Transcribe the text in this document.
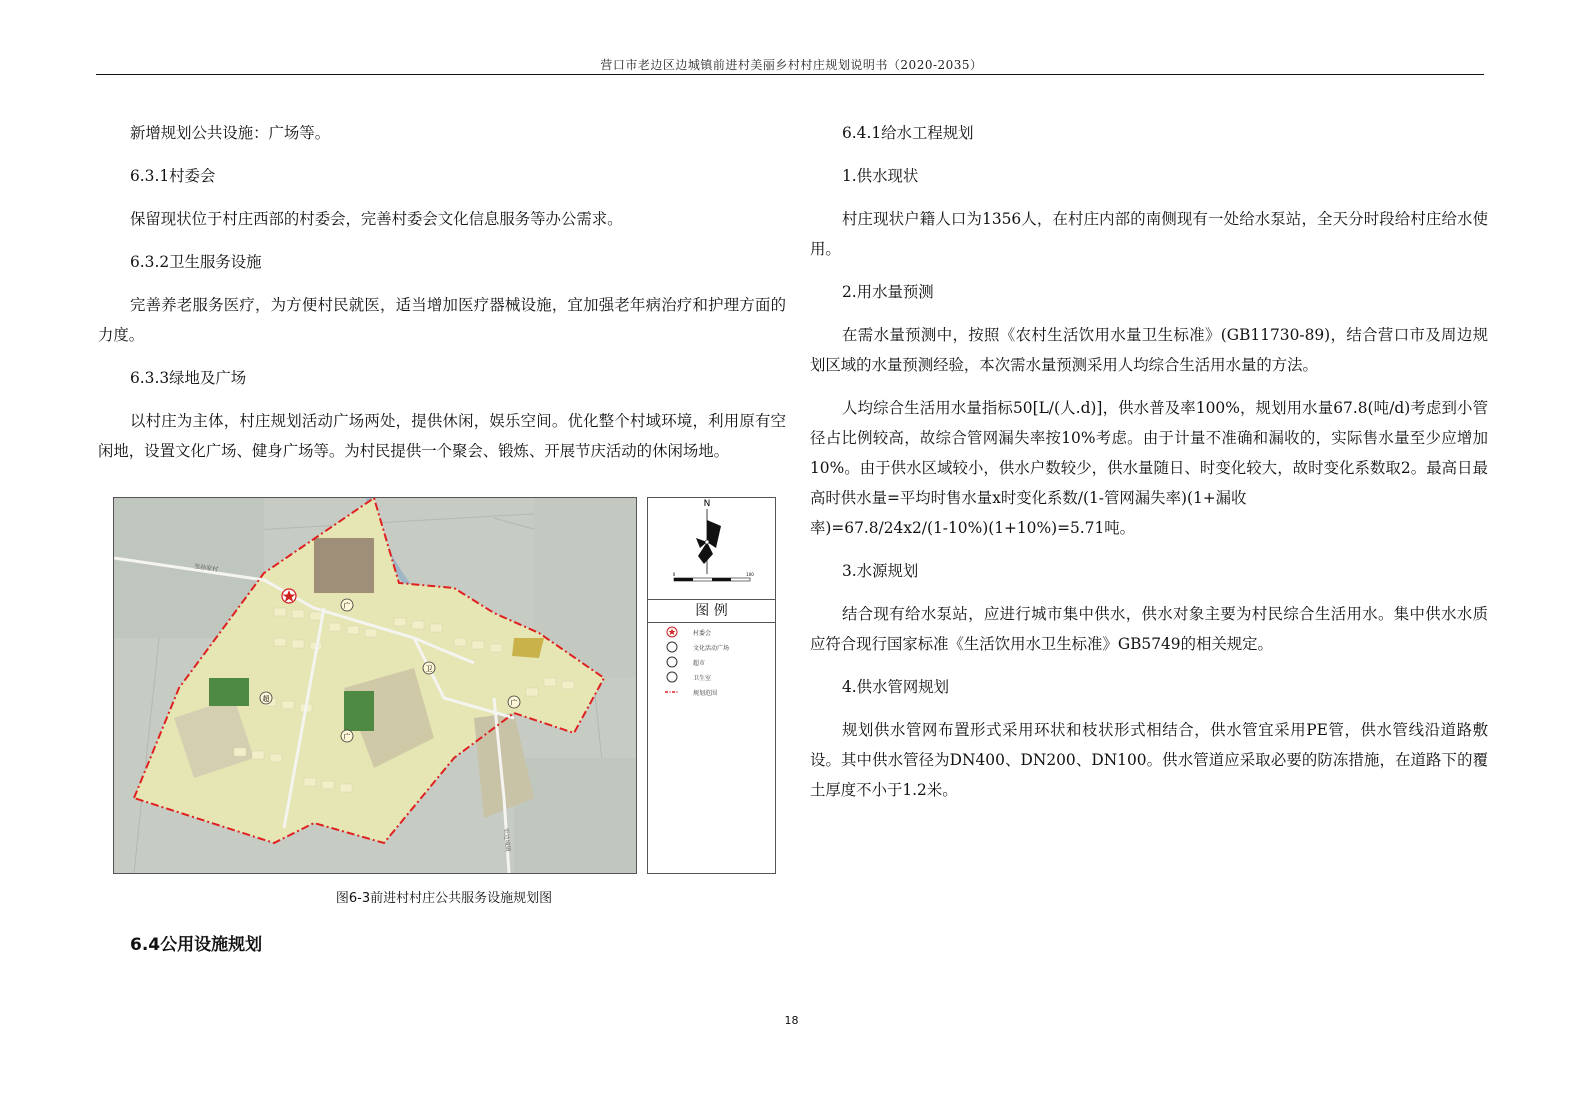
营口市老边区边城镇前进村美丽乡村村庄规划说明书（2020-2035）

新增规划公共设施：广场等。

6.3.1村委会

保留现状位于村庄西部的村委会，完善村委会文化信息服务等办公需求。

6.3.2卫生服务设施

完善养老服务医疗，为方便村民就医，适当增加医疗器械设施，宜加强老年病治疗和护理方面的力度。

6.3.3绿地及广场

以村庄为主体，村庄规划活动广场两处，提供休闲，娱乐空间。优化整个村域环境，利用原有空闲地，设置文化广场、健身广场等。为村民提供一个聚会、锻炼、开展节庆活动的休闲场地。

至孙家村
至边城镇
广
卫
超
广
广
N
0	100
图 例
村委会
文化活动广场
超市
卫生室
规划范围
图6-3前进村村庄公共服务设施规划图
6.4公用设施规划

6.4.1给水工程规划

1.供水现状

村庄现状户籍人口为1356人，在村庄内部的南侧现有一处给水泵站，全天分时段给村庄给水使用。

2.用水量预测

在需水量预测中，按照《农村生活饮用水量卫生标准》(GB11730-89)，结合营口市及周边规划区域的水量预测经验，本次需水量预测采用人均综合生活用水量的方法。

人均综合生活用水量指标50[L/(人.d)]，供水普及率100%，规划用水量67.8(吨/d)考虑到小管径占比例较高，故综合管网漏失率按10%考虑。由于计量不准确和漏收的，实际售水量至少应增加10%。由于供水区域较小，供水户数较少，供水量随日、时变化较大，故时变化系数取2。最高日最高时供水量=平均时售水量x时变化系数/(1-管网漏失率)(1+漏收

率)=67.8/24x2/(1-10%)(1+10%)=5.71吨。

3.水源规划

结合现有给水泵站，应进行城市集中供水，供水对象主要为村民综合生活用水。集中供水水质应符合现行国家标准《生活饮用水卫生标准》GB5749的相关规定。

4.供水管网规划

规划供水管网布置形式采用环状和枝状形式相结合，供水管宜采用PE管，供水管线沿道路敷设。其中供水管径为DN400、DN200、DN100。供水管道应采取必要的防冻措施，在道路下的覆土厚度不小于1.2米。

18
